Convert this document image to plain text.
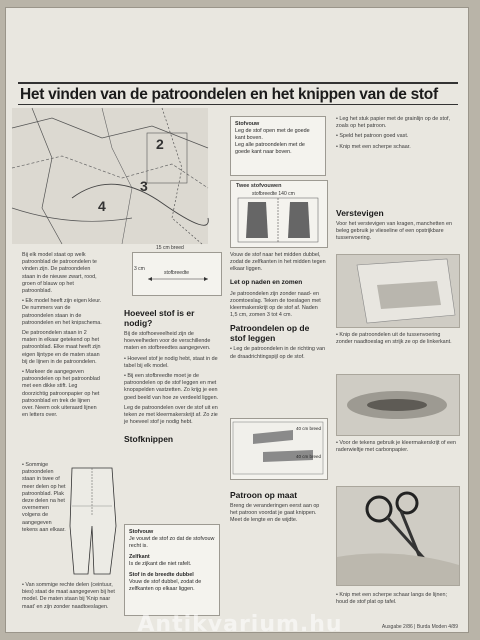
2
3
4
Het vinden van de patroondelen en het knippen van de stof

Bij elk model staat op welk patroonblad de patroondelen te vinden zijn. De patroondelen staan in de nieuwe zwart, rood, groen of blauw op het patroonblad.

• Elk model heeft zijn eigen kleur. De nummers van de patroondelen staan in de patroondelen en het knipschema.

De patroondelen staan in 2 maten in elkaar getekend op het patroonblad. Elke maat heeft zijn eigen lijntype en de maten staan bij de lijnen in de patroondelen.

• Markeer de aangegeven patroondelen op het patroonblad met een dikke stift. Leg doorzichtig patroonpapier op het patroonblad en trek de lijnen over. Neem ook uiteraard lijnen en letters over.

• Sommige patroondelen staan in twee of meer delen op het patroonblad. Plak deze delen na het overnemen volgens de aangegeven tekens aan elkaar.

• Van sommige rechte delen (ceintuur, bies) staat de maat aangegeven bij het model. De maten staan bij 'Knip naar maat' en zijn zonder naadtoeslagen.

15 cm breed
3 cm
stofbreedte
Hoeveel stof is er nodig?

Bij de stofhoeveelheid zijn de hoeveelheden voor de verschillende maten en stofbreedtes aangegeven.

• Hoeveel stof je nodig hebt, staat in de tabel bij elk model.

• Bij een stofbreedte moet je de patroondelen op de stof leggen en met knopspelden vastzetten. Zo krijg je een goed beeld van hoe ze verdeeld liggen.

Leg de patroondelen over de stof uit en teken ze met kleermakerskrijt af. Zo zie je hoeveel stof je nodig hebt.

Stofknippen
Stofvouw
Je vouwt de stof zo dat de stofvouw recht is.
Zelfkant
Is de zijkant die niet rafelt.
Stof in de breedte dubbel
Vouw de stof dubbel, zodat de zelfkanten op elkaar liggen.
Stofvouw
Leg de stof open met de goede kant boven.
Leg alle patroondelen met de goede kant naar boven.
Twee stofvouwen
stofbreedte 140 cm

Vouw de stof naar het midden dubbel, zodat de zelfkanten in het midden tegen elkaar liggen.

Let op naden en zomen

Je patroondelen zijn zonder naad- en zoomtoeslag. Teken de toeslagen met kleermakerskrijt op de stof af. Naden 1,5 cm, zomen 3 tot 4 cm.

Patroondelen op de stof leggen

• Leg de patroondelen in de richting van de draadrichtingspijl op de stof.

40 cm breed
40 cm breed
Patroon op maat

Breng de veranderingen eerst aan op het patroon voordat je gaat knippen. Meet de lengte en de wijdte.

• Leg het stuk papier met de grainlijn op de stof, zoals op het patroon.

• Speld het patroon goed vast.

• Knip met een scherpe schaar.

Verstevigen

Voor het verstevigen van kragen, manchetten en beleg gebruik je vlieseline of een opstrijkbare tussenvoering.

• Knip de patroondelen uit de tussenvoering zonder naadtoeslag en strijk ze op de linkerkant.
• Voor de tekens gebruik je kleermakerskrijt of een raderwieltje met carbonpapier.
• Knip met een scherpe schaar langs de lijnen; houd de stof plat op tafel.
Ausgabe 2/86 | Burda Moden 4/89
Antikvarium.hu
